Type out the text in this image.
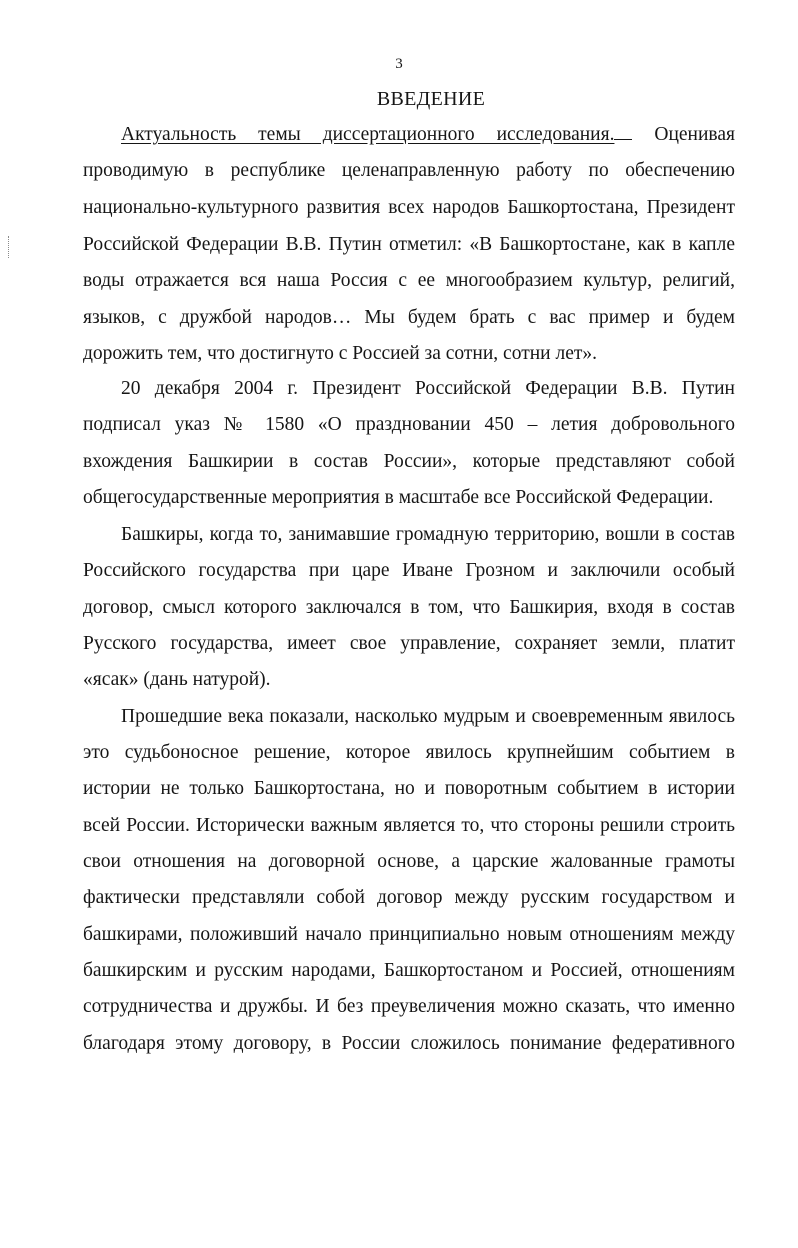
3
ВВЕДЕНИЕ
Актуальность темы диссертационного исследования. Оценивая
проводимую в республике целенаправленную работу по обеспечению
национально-культурного развития всех народов Башкортостана, Президент
Российской Федерации В.В. Путин отметил: «В Башкортостане, как в капле
воды отражается вся наша Россия с ее многообразием культур, религий,
языков, с дружбой народов… Мы будем брать с вас пример и будем
дорожить тем, что достигнуто с Россией за сотни, сотни лет».
20 декабря 2004 г. Президент Российской Федерации В.В. Путин
подписал указ № 1580 «О праздновании 450 – летия добровольного
вхождения Башкирии в состав России», которые представляют собой
общегосударственные мероприятия в масштабе все Российской Федерации.
Башкиры, когда то, занимавшие громадную территорию, вошли в состав
Российского государства при царе Иване Грозном и заключили особый
договор, смысл которого заключался в том, что Башкирия, входя в состав
Русского государства, имеет свое управление, сохраняет земли, платит
«ясак» (дань натурой).
Прошедшие века показали, насколько мудрым и своевременным явилось
это судьбоносное решение, которое явилось крупнейшим событием в
истории не только Башкортостана, но и поворотным событием в истории
всей России. Исторически важным является то, что стороны решили строить
свои отношения на договорной основе, а царские жалованные грамоты
фактически представляли собой договор между русским государством и
башкирами, положивший начало принципиально новым отношениям между
башкирским и русским народами, Башкортостаном и Россией, отношениям
сотрудничества и дружбы. И без преувеличения можно сказать, что именно
благодаря этому договору, в России сложилось понимание федеративного
